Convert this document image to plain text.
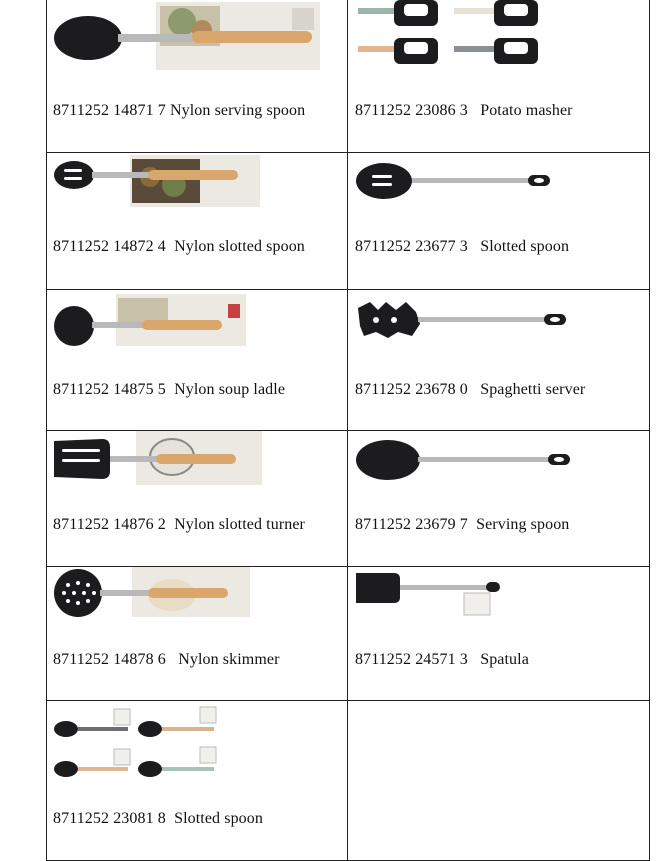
8711252 14871 7 Nylon serving spoon	8711252 23086 3   Potato masher
8711252 14872 4  Nylon slotted spoon	8711252 23677 3   Slotted spoon
8711252 14875 5  Nylon soup ladle	8711252 23678 0   Spaghetti server
8711252 14876 2  Nylon slotted turner	8711252 23679 7  Serving spoon
8711252 14878 6   Nylon skimmer	8711252 24571 3   Spatula
8711252 23081 8  Slotted spoon
